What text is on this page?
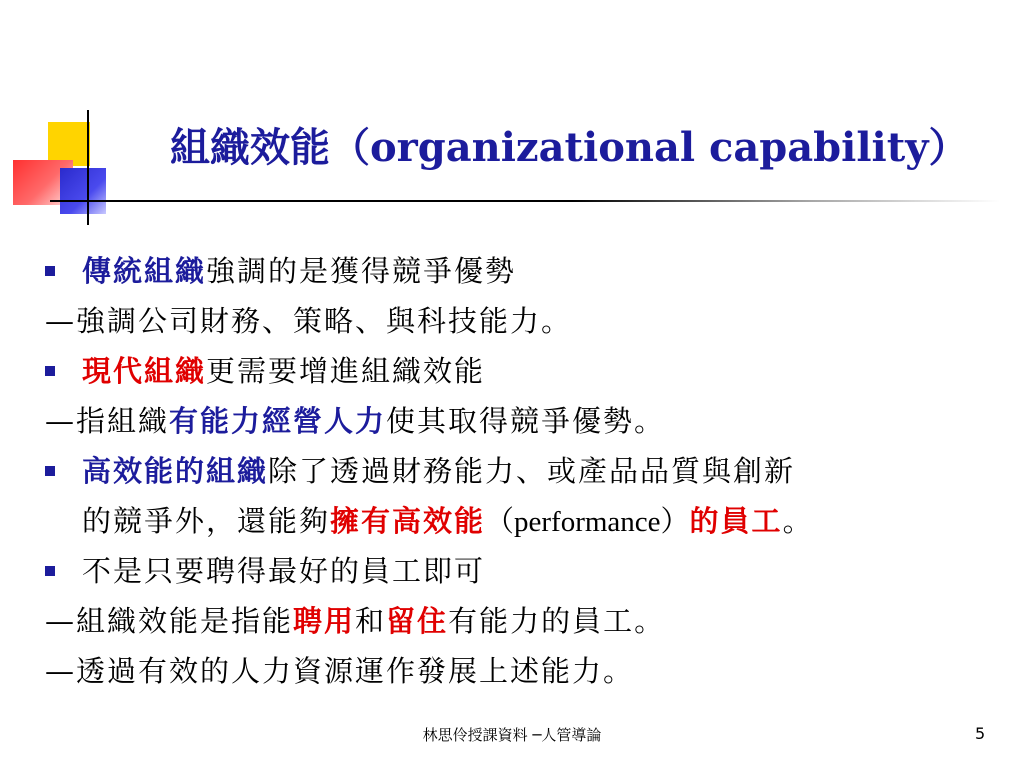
組織效能（organizational capability）
傳統組織強調的是獲得競爭優勢
—強調公司財務、策略、與科技能力。
現代組織更需要增進組織效能
—指組織有能力經營人力使其取得競爭優勢。
高效能的組織除了透過財務能力、或產品品質與創新
的競爭外，還能夠擁有高效能（performance）的員工。
不是只要聘得最好的員工即可
—組織效能是指能聘用和留住有能力的員工。
—透過有效的人力資源運作發展上述能力。
林思伶授課資料 ─人管導論	5
